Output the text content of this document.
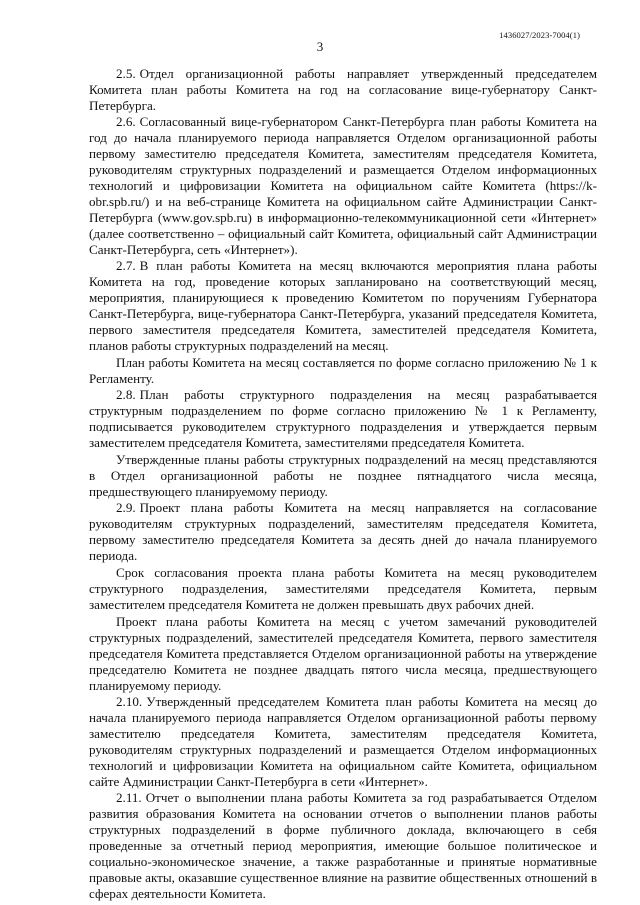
1436027/2023-7004(1)
3

2.5. Отдел организационной работы направляет утвержденный председателем Комитета план работы Комитета на год на согласование вице-губернатору Санкт-Петербурга.

2.6. Согласованный вице-губернатором Санкт-Петербурга план работы Комитета на год до начала планируемого периода направляется Отделом организационной работы первому заместителю председателя Комитета, заместителям председателя Комитета, руководителям структурных подразделений и размещается Отделом информационных технологий и цифровизации Комитета на официальном сайте Комитета (https://k-obr.spb.ru/) и на веб-странице Комитета на официальном сайте Администрации Санкт-Петербурга (www.gov.spb.ru) в информационно-телекоммуникационной сети «Интернет» (далее соответственно – официальный сайт Комитета, официальный сайт Администрации Санкт-Петербурга, сеть «Интернет»).

2.7. В план работы Комитета на месяц включаются мероприятия плана работы Комитета на год, проведение которых запланировано на соответствующий месяц, мероприятия, планирующиеся к проведению Комитетом по поручениям Губернатора Санкт-Петербурга, вице-губернатора Санкт-Петербурга, указаний председателя Комитета, первого заместителя председателя Комитета, заместителей председателя Комитета, планов работы структурных подразделений на месяц.

План работы Комитета на месяц составляется по форме согласно приложению № 1 к Регламенту.

2.8. План работы структурного подразделения на месяц разрабатывается структурным подразделением по форме согласно приложению № 1 к Регламенту, подписывается руководителем структурного подразделения и утверждается первым заместителем председателя Комитета, заместителями председателя Комитета.

Утвержденные планы работы структурных подразделений на месяц представляются в Отдел организационной работы не позднее пятнадцатого числа месяца, предшествующего планируемому периоду.

2.9. Проект плана работы Комитета на месяц направляется на согласование руководителям структурных подразделений, заместителям председателя Комитета, первому заместителю председателя Комитета за десять дней до начала планируемого периода.

Срок согласования проекта плана работы Комитета на месяц руководителем структурного подразделения, заместителями председателя Комитета, первым заместителем председателя Комитета не должен превышать двух рабочих дней.

Проект плана работы Комитета на месяц с учетом замечаний руководителей структурных подразделений, заместителей председателя Комитета, первого заместителя председателя Комитета представляется Отделом организационной работы на утверждение председателю Комитета не позднее двадцать пятого числа месяца, предшествующего планируемому периоду.

2.10. Утвержденный председателем Комитета план работы Комитета на месяц до начала планируемого периода направляется Отделом организационной работы первому заместителю председателя Комитета, заместителям председателя Комитета, руководителям структурных подразделений и размещается Отделом информационных технологий и цифровизации Комитета на официальном сайте Комитета, официальном сайте Администрации Санкт-Петербурга в сети «Интернет».

2.11. Отчет о выполнении плана работы Комитета за год разрабатывается Отделом развития образования Комитета на основании отчетов о выполнении планов работы структурных подразделений в форме публичного доклада, включающего в себя проведенные за отчетный период мероприятия, имеющие большое политическое и социально-экономическое значение, а также разработанные и принятые нормативные правовые акты, оказавшие существенное влияние на развитие общественных отношений в сферах деятельности Комитета.
